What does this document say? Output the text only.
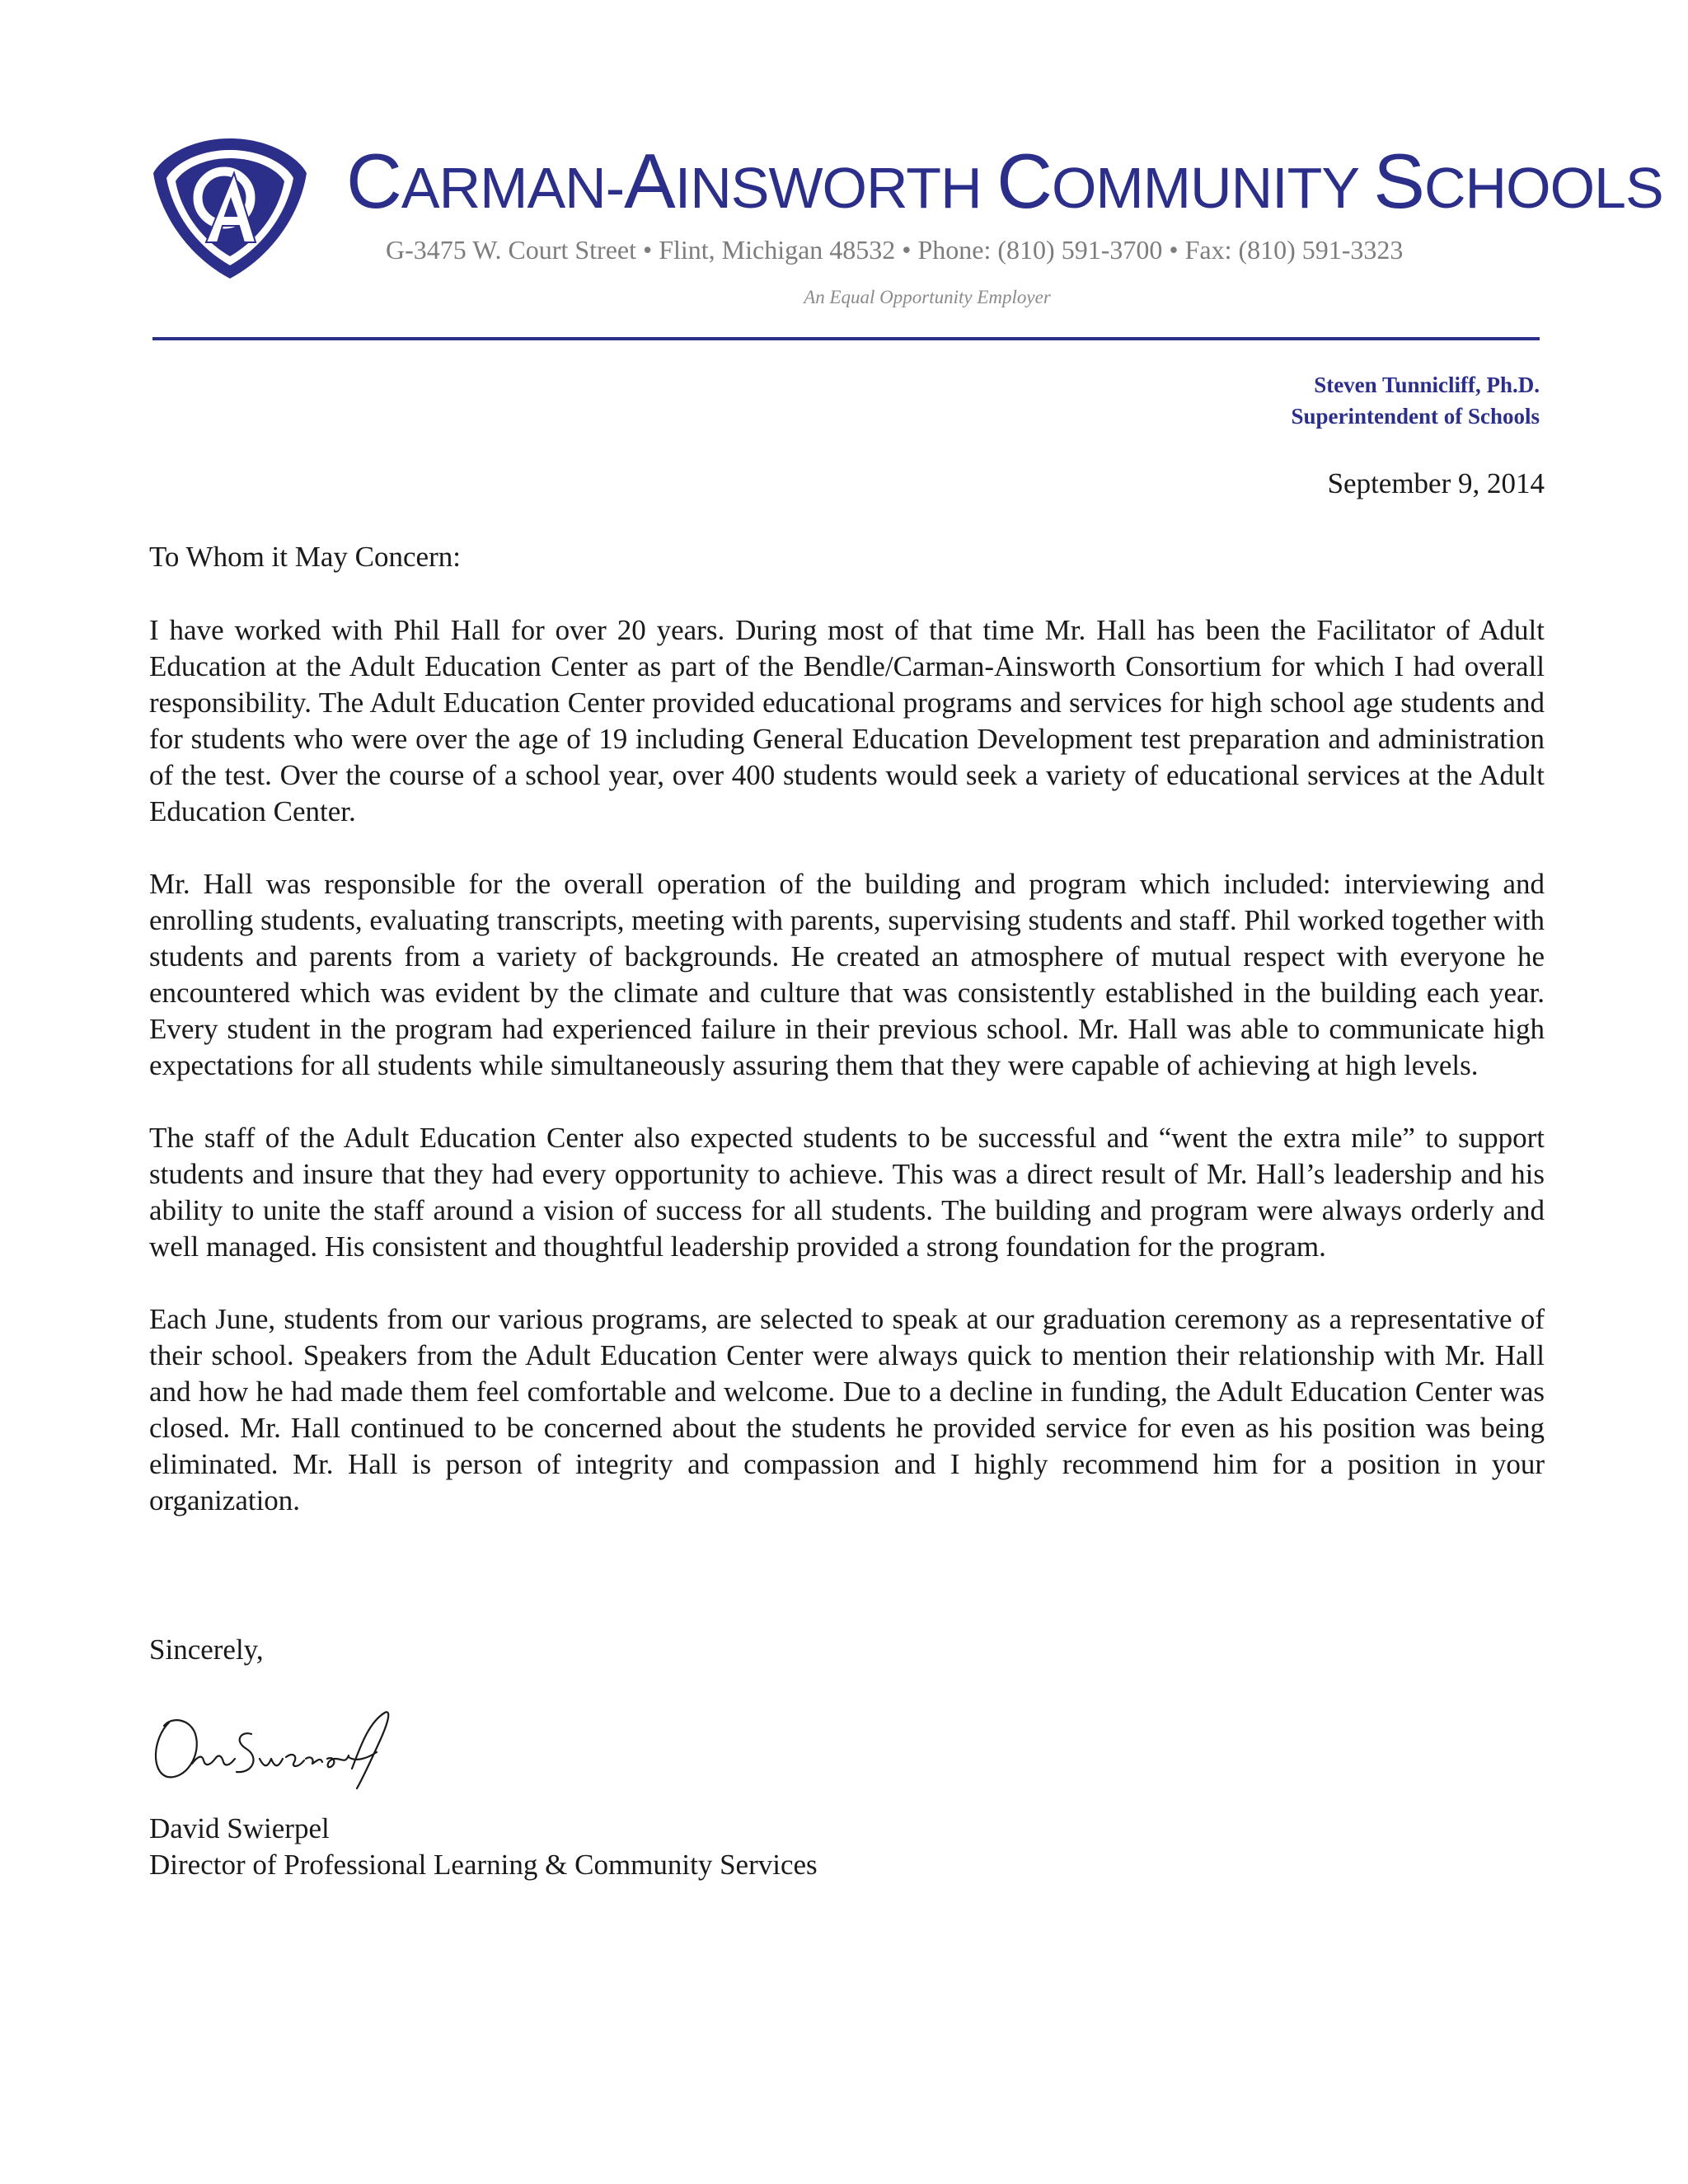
CA
CARMAN-AINSWORTH COMMUNITY SCHOOLS
G-3475 W. Court Street • Flint, Michigan 48532 • Phone: (810) 591-3700 • Fax: (810) 591-3323
An Equal Opportunity Employer
Steven Tunnicliff, Ph.D.
Superintendent of Schools
September 9, 2014
To Whom it May Concern:

I have worked with Phil Hall for over 20 years. During most of that time Mr. Hall has been the Facilitator of Adult Education at the Adult Education Center as part of the Bendle/Carman-Ainsworth Consortium for which I had overall responsibility. The Adult Education Center provided educational programs and services for high school age students and for students who were over the age of 19 including General Education Development test preparation and administration of the test. Over the course of a school year, over 400 students would seek a variety of educational services at the Adult Education Center.

Mr. Hall was responsible for the overall operation of the building and program which included: interviewing and enrolling students, evaluating transcripts, meeting with parents, supervising students and staff. Phil worked together with students and parents from a variety of backgrounds. He created an atmosphere of mutual respect with everyone he encountered which was evident by the climate and culture that was consistently established in the building each year. Every student in the program had experienced failure in their previous school. Mr. Hall was able to communicate high expectations for all students while simultaneously assuring them that they were capable of achieving at high levels.

The staff of the Adult Education Center also expected students to be successful and “went the extra mile” to support students and insure that they had every opportunity to achieve. This was a direct result of Mr. Hall’s leadership and his ability to unite the staff around a vision of success for all students. The building and program were always orderly and well managed. His consistent and thoughtful leadership provided a strong foundation for the program.

Each June, students from our various programs, are selected to speak at our graduation ceremony as a representative of their school. Speakers from the Adult Education Center were always quick to mention their relationship with Mr. Hall and how he had made them feel comfortable and welcome. Due to a decline in funding, the Adult Education Center was closed. Mr. Hall continued to be concerned about the students he provided service for even as his position was being eliminated. Mr. Hall is person of integrity and compassion and I highly recommend him for a position in your organization.

Sincerely,
David Swierpel
Director of Professional Learning & Community Services
